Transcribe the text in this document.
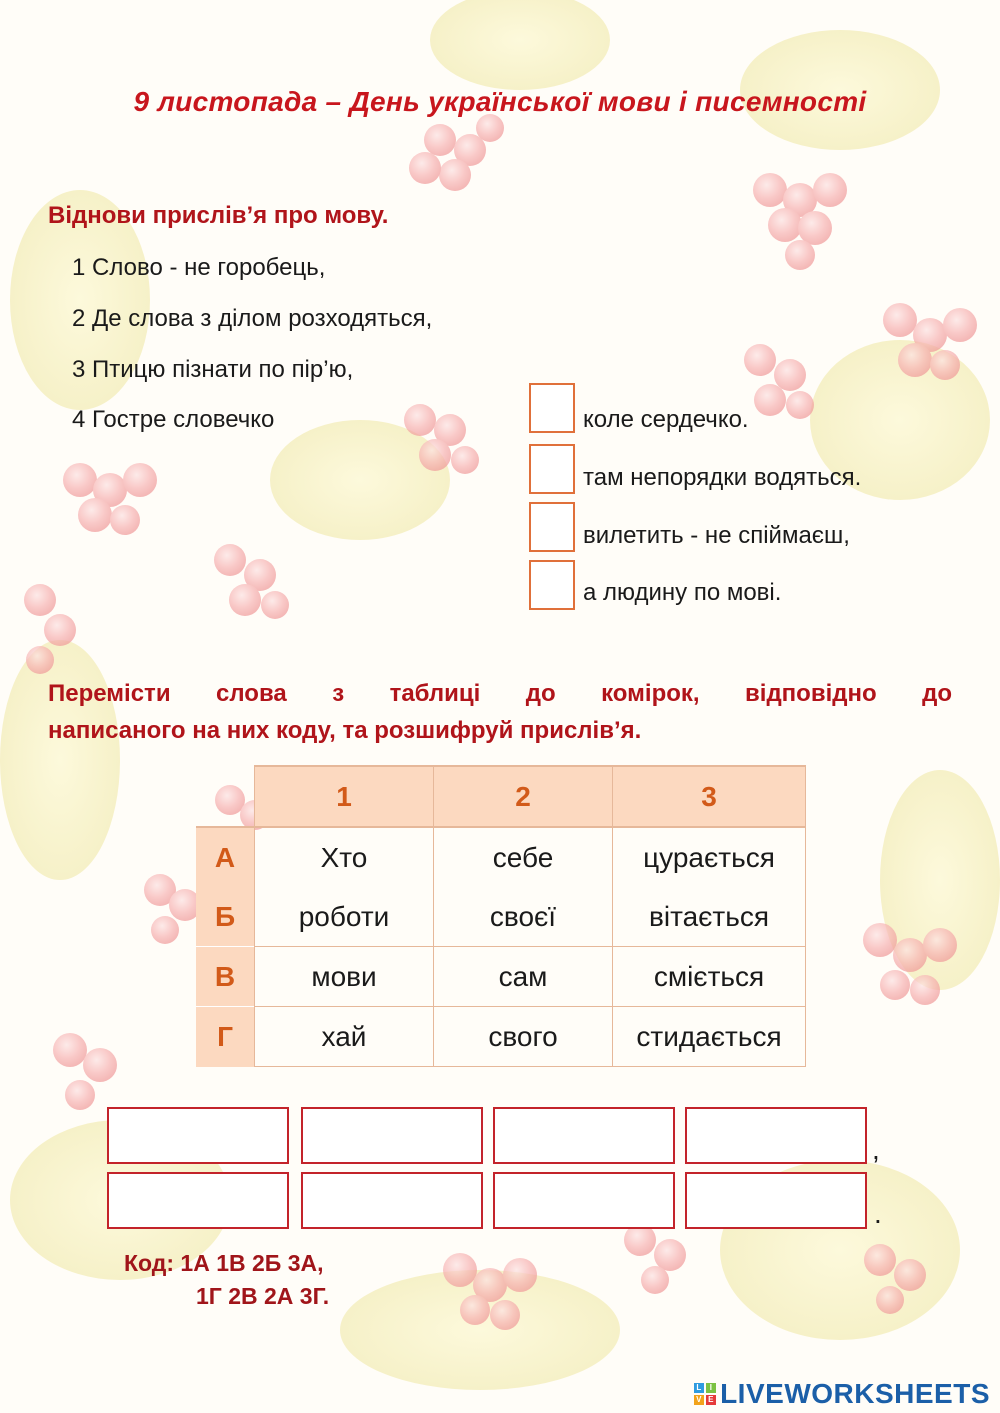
9 листопада – День української мови і писемності
Віднови прислів’я про мову.
1 Слово - не горобець,
2 Де слова з ділом розходяться,
3 Птицю пізнати по пір’ю,
4 Гостре словечко	коле сердечко.
там непорядки водяться.
вилетить - не спіймаєш,
а людину по мові.
Перемісти слова з таблиці до комірок, відповідно до
написаного на них коду, та розшифруй прислів’я.
	1	2	3
А	Хто	себе	цурається
Б	роботи	своєї	вітається
В	мови	сам	сміється
Г	хай	свого	стидається
,
.
Код: 1А 1В 2Б 3А,
1Г 2В 2А 3Г.
L I
V E LIVEWORKSHEETS
